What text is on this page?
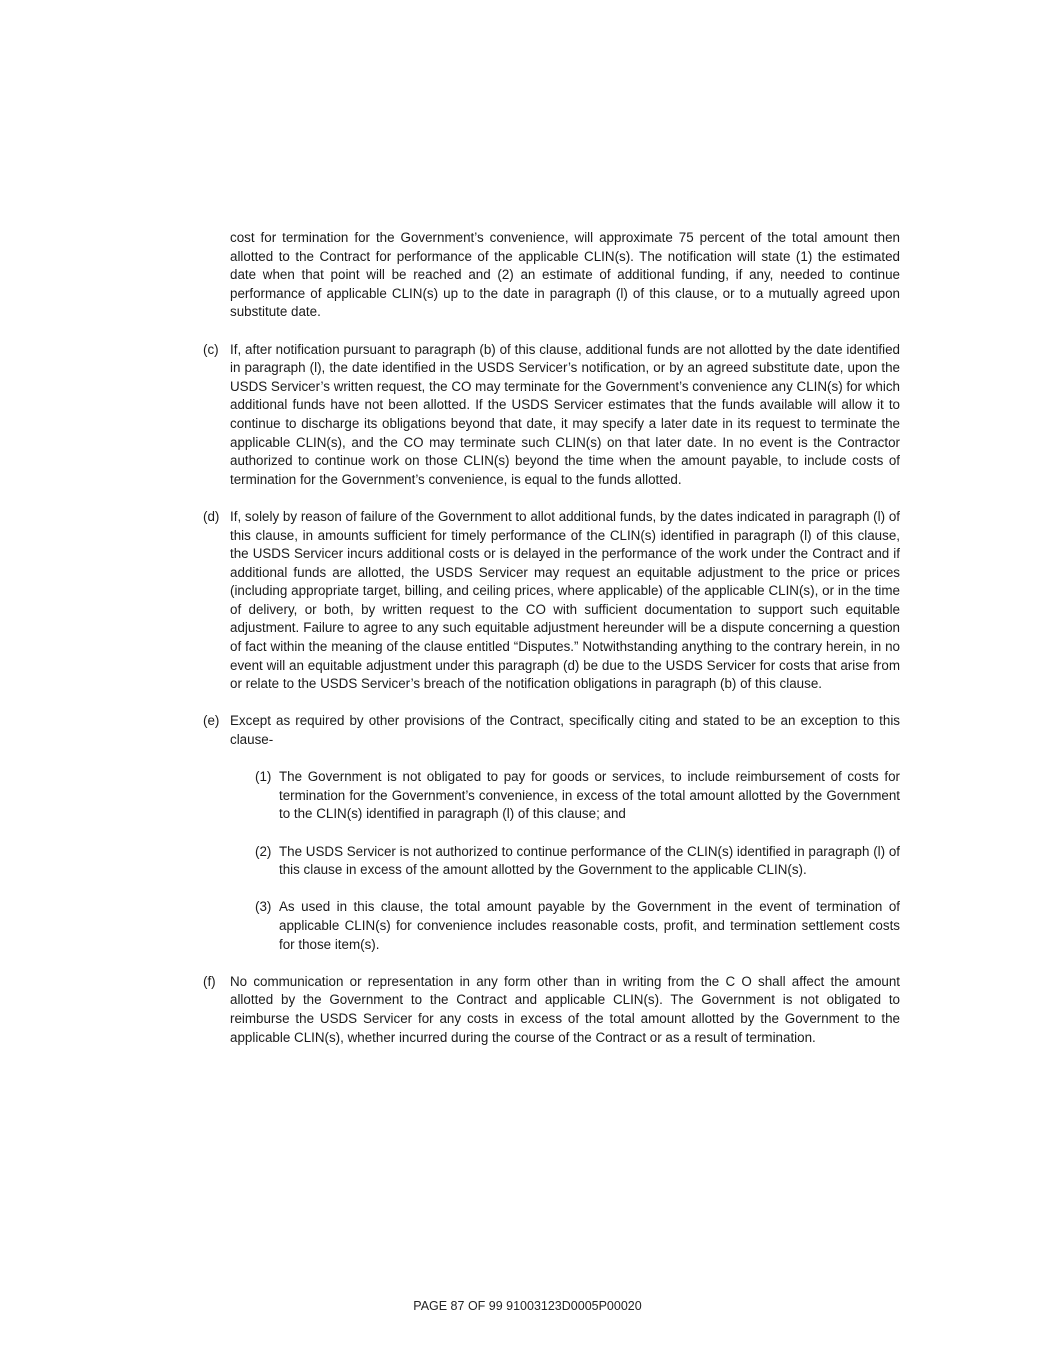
cost for termination for the Government’s convenience, will approximate 75 percent of the total amount then allotted to the Contract for performance of the applicable CLIN(s). The notification will state (1) the estimated date when that point will be reached and (2) an estimate of additional funding, if any, needed to continue performance of applicable CLIN(s) up to the date in paragraph (l) of this clause, or to a mutually agreed upon substitute date.
(c) If, after notification pursuant to paragraph (b) of this clause, additional funds are not allotted by the date identified in paragraph (l), the date identified in the USDS Servicer’s notification, or by an agreed substitute date, upon the USDS Servicer’s written request, the CO may terminate for the Government’s convenience any CLIN(s) for which additional funds have not been allotted. If the USDS Servicer estimates that the funds available will allow it to continue to discharge its obligations beyond that date, it may specify a later date in its request to terminate the applicable CLIN(s), and the CO may terminate such CLIN(s) on that later date. In no event is the Contractor authorized to continue work on those CLIN(s) beyond the time when the amount payable, to include costs of termination for the Government’s convenience, is equal to the funds allotted.
(d) If, solely by reason of failure of the Government to allot additional funds, by the dates indicated in paragraph (l) of this clause, in amounts sufficient for timely performance of the CLIN(s) identified in paragraph (l) of this clause, the USDS Servicer incurs additional costs or is delayed in the performance of the work under the Contract and if additional funds are allotted, the USDS Servicer may request an equitable adjustment to the price or prices (including appropriate target, billing, and ceiling prices, where applicable) of the applicable CLIN(s), or in the time of delivery, or both, by written request to the CO with sufficient documentation to support such equitable adjustment. Failure to agree to any such equitable adjustment hereunder will be a dispute concerning a question of fact within the meaning of the clause entitled “Disputes.” Notwithstanding anything to the contrary herein, in no event will an equitable adjustment under this paragraph (d) be due to the USDS Servicer for costs that arise from or relate to the USDS Servicer’s breach of the notification obligations in paragraph (b) of this clause.
(e) Except as required by other provisions of the Contract, specifically citing and stated to be an exception to this clause-
(1) The Government is not obligated to pay for goods or services, to include reimbursement of costs for termination for the Government’s convenience, in excess of the total amount allotted by the Government to the CLIN(s) identified in paragraph (l) of this clause; and
(2) The USDS Servicer is not authorized to continue performance of the CLIN(s) identified in paragraph (l) of this clause in excess of the amount allotted by the Government to the applicable CLIN(s).
(3) As used in this clause, the total amount payable by the Government in the event of termination of applicable CLIN(s) for convenience includes reasonable costs, profit, and termination settlement costs for those item(s).
(f) No communication or representation in any form other than in writing from the C O shall affect the amount allotted by the Government to the Contract and applicable CLIN(s). The Government is not obligated to reimburse the USDS Servicer for any costs in excess of the total amount allotted by the Government to the applicable CLIN(s), whether incurred during the course of the Contract or as a result of termination.
PAGE 87 OF 99 91003123D0005P00020
